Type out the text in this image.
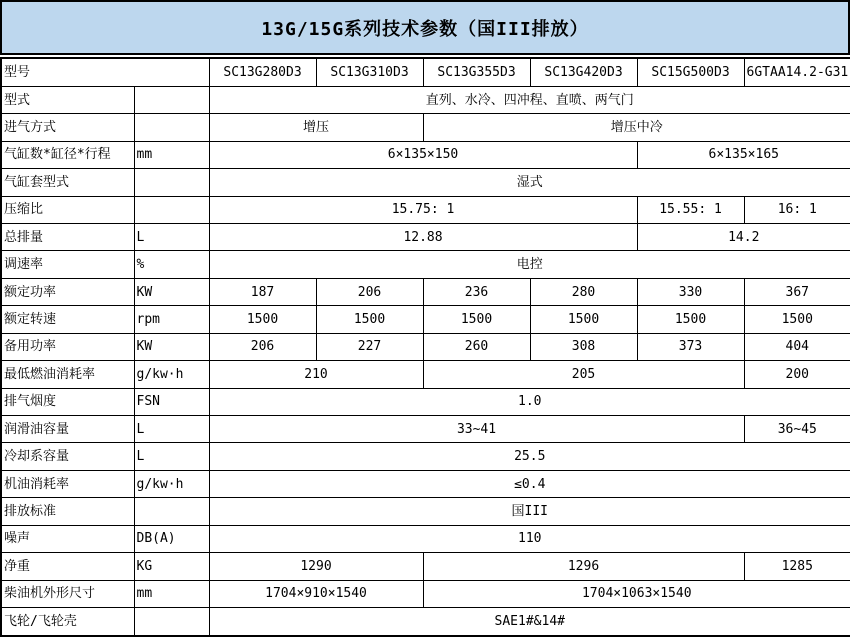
13G/15G系列技术参数（国III排放）
型号		SC13G280D3	SC13G310D3	SC13G355D3	SC13G420D3	SC15G500D3	6GTAA14.2-G31
型式		直列、水冷、四冲程、直喷、两气门					
进气方式		增压		增压中冷			
气缸数*缸径*行程	mm	6×135×150				6×135×165	
气缸套型式		湿式					
压缩比		15.75: 1				15.55: 1	16: 1
总排量	L	12.88				14.2	
调速率	%	电控					
额定功率	KW	187	206	236	280	330	367
额定转速	rpm	1500	1500	1500	1500	1500	1500
备用功率	KW	206	227	260	308	373	404
最低燃油消耗率	g/kw·h	210		205			200
排气烟度	FSN	1.0					
润滑油容量	L	33~41					36~45
冷却系容量	L	25.5					
机油消耗率	g/kw·h	≤0.4					
排放标准		国III					
噪声	DB(A)	110					
净重	KG	1290		1296			1285
柴油机外形尺寸	mm	1704×910×1540		1704×1063×1540			
飞轮/飞轮壳		SAE1#&14#					
